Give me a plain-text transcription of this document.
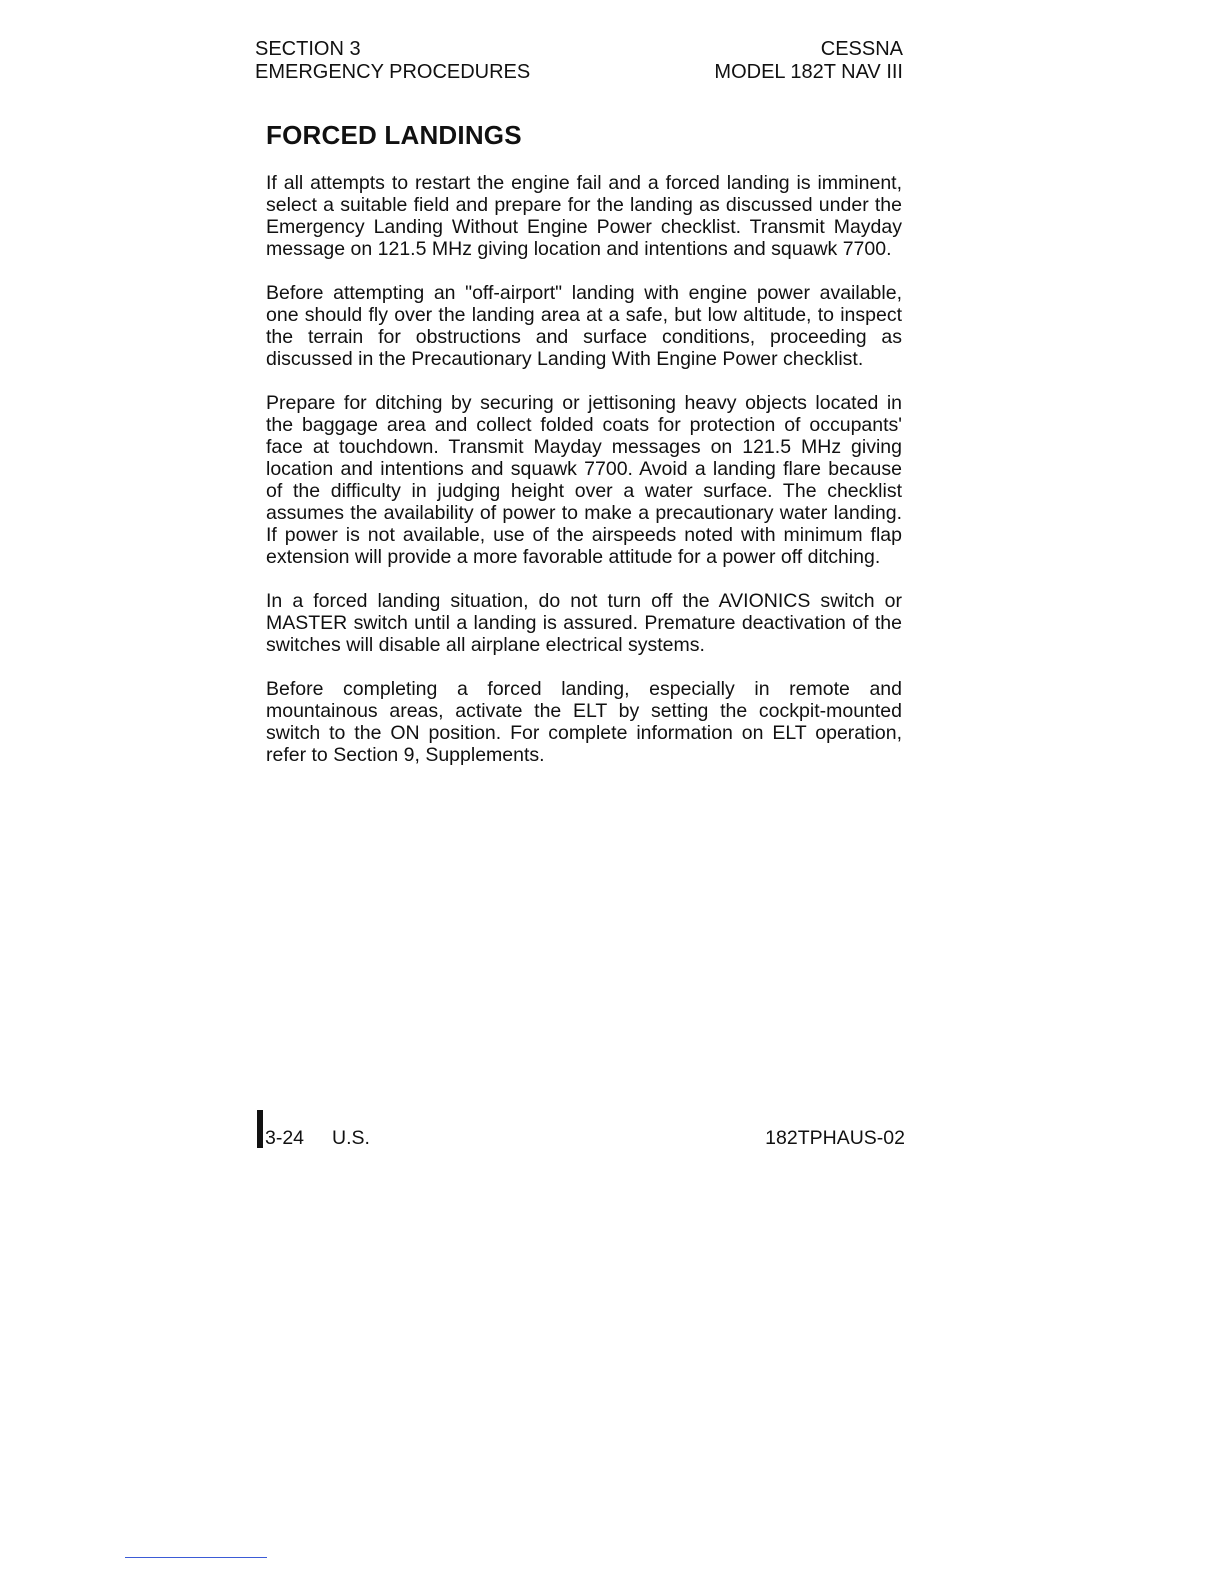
SECTION 3
EMERGENCY PROCEDURES
CESSNA
MODEL 182T NAV III
FORCED LANDINGS

If all attempts to restart the engine fail and a forced landing is imminent, select a suitable field and prepare for the landing as discussed under the Emergency Landing Without Engine Power checklist. Transmit Mayday message on 121.5 MHz giving location and intentions and squawk 7700.

Before attempting an "off-airport" landing with engine power available, one should fly over the landing area at a safe, but low altitude, to inspect the terrain for obstructions and surface conditions, proceeding as discussed in the Precautionary Landing With Engine Power checklist.

Prepare for ditching by securing or jettisoning heavy objects located in the baggage area and collect folded coats for protection of occupants' face at touchdown. Transmit Mayday messages on 121.5 MHz giving location and intentions and squawk 7700. Avoid a landing flare because of the difficulty in judging height over a water surface. The checklist assumes the availability of power to make a precautionary water landing. If power is not available, use of the airspeeds noted with minimum flap extension will provide a more favorable attitude for a power off ditching.

In a forced landing situation, do not turn off the AVIONICS switch or MASTER switch until a landing is assured. Premature deactivation of the switches will disable all airplane electrical systems.

Before completing a forced landing, especially in remote and mountainous areas, activate the ELT by setting the cockpit-mounted switch to the ON position. For complete information on ELT operation, refer to Section 9, Supplements.

3-24 U.S.	182TPHAUS-02
